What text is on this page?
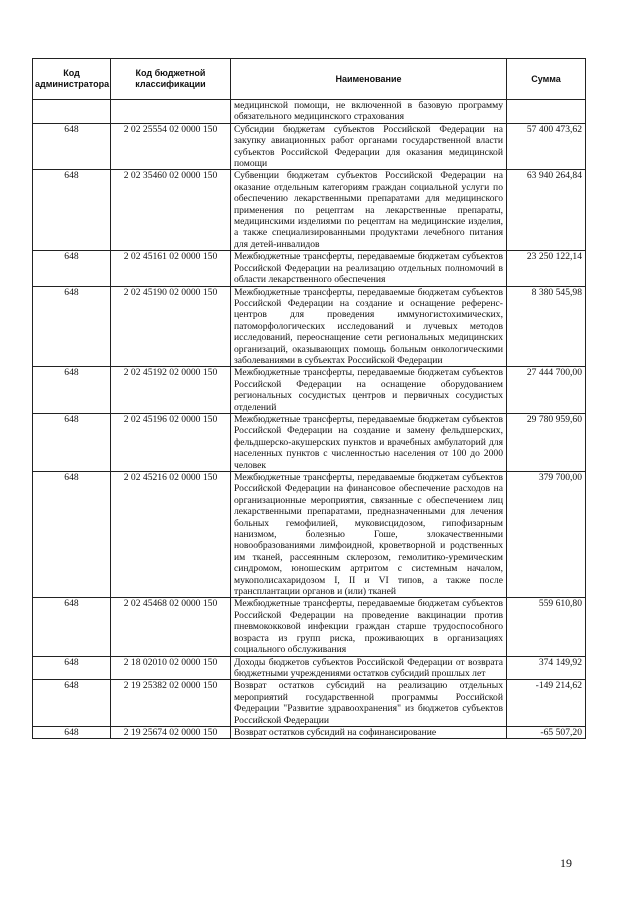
Код администратора	Код бюджетной классификации	Наименование	Сумма
		медицинской помощи, не включенной в базовую программу обязательного медицинского страхования	
648	2 02 25554 02 0000 150	Субсидии бюджетам субъектов Российской Федерации на закупку авиационных работ органами государственной власти субъектов Российской Федерации для оказания медицинской помощи	57 400 473,62
648	2 02 35460 02 0000 150	Субвенции бюджетам субъектов Российской Федерации на оказание отдельным категориям граждан социальной услуги по обеспечению лекарственными препаратами для медицинского применения по рецептам на лекарственные препараты, медицинскими изделиями по рецептам на медицинские изделия, а также специализированными продуктами лечебного питания для детей-инвалидов	63 940 264,84
648	2 02 45161 02 0000 150	Межбюджетные трансферты, передаваемые бюджетам субъектов Российской Федерации на реализацию отдельных полномочий в области лекарственного обеспечения	23 250 122,14
648	2 02 45190 02 0000 150	Межбюджетные трансферты, передаваемые бюджетам субъектов Российской Федерации на создание и оснащение референс-центров для проведения иммуногистохимических, патоморфологических исследований и лучевых методов исследований, переоснащение сети региональных медицинских организаций, оказывающих помощь больным онкологическими заболеваниями в субъектах Российской Федерации	8 380 545,98
648	2 02 45192 02 0000 150	Межбюджетные трансферты, передаваемые бюджетам субъектов Российской Федерации на оснащение оборудованием региональных сосудистых центров и первичных сосудистых отделений	27 444 700,00
648	2 02 45196 02 0000 150	Межбюджетные трансферты, передаваемые бюджетам субъектов Российской Федерации на создание и замену фельдшерских, фельдшерско-акушерских пунктов и врачебных амбулаторий для населенных пунктов с численностью населения от 100 до 2000 человек	29 780 959,60
648	2 02 45216 02 0000 150	Межбюджетные трансферты, передаваемые бюджетам субъектов Российской Федерации на финансовое обеспечение расходов на организационные мероприятия, связанные с обеспечением лиц лекарственными препаратами, предназначенными для лечения больных гемофилией, муковисцидозом, гипофизарным нанизмом, болезнью Гоше, злокачественными новообразованиями лимфоидной, кроветворной и родственных им тканей, рассеянным склерозом, гемолитико-уремическим синдромом, юношеским артритом с системным началом, мукополисахаридозом I, II и VI типов, а также после трансплантации органов и (или) тканей	379 700,00
648	2 02 45468 02 0000 150	Межбюджетные трансферты, передаваемые бюджетам субъектов Российской Федерации на проведение вакцинации против пневмококковой инфекции граждан старше трудоспособного возраста из групп риска, проживающих в организациях социального обслуживания	559 610,80
648	2 18 02010 02 0000 150	Доходы бюджетов субъектов Российской Федерации от возврата бюджетными учреждениями остатков субсидий прошлых лет	374 149,92
648	2 19 25382 02 0000 150	Возврат остатков субсидий на реализацию отдельных мероприятий государственной программы Российской Федерации "Развитие здравоохранения" из бюджетов субъектов Российской Федерации	-149 214,62
648	2 19 25674 02 0000 150	Возврат остатков субсидий на софинансирование	-65 507,20
19
